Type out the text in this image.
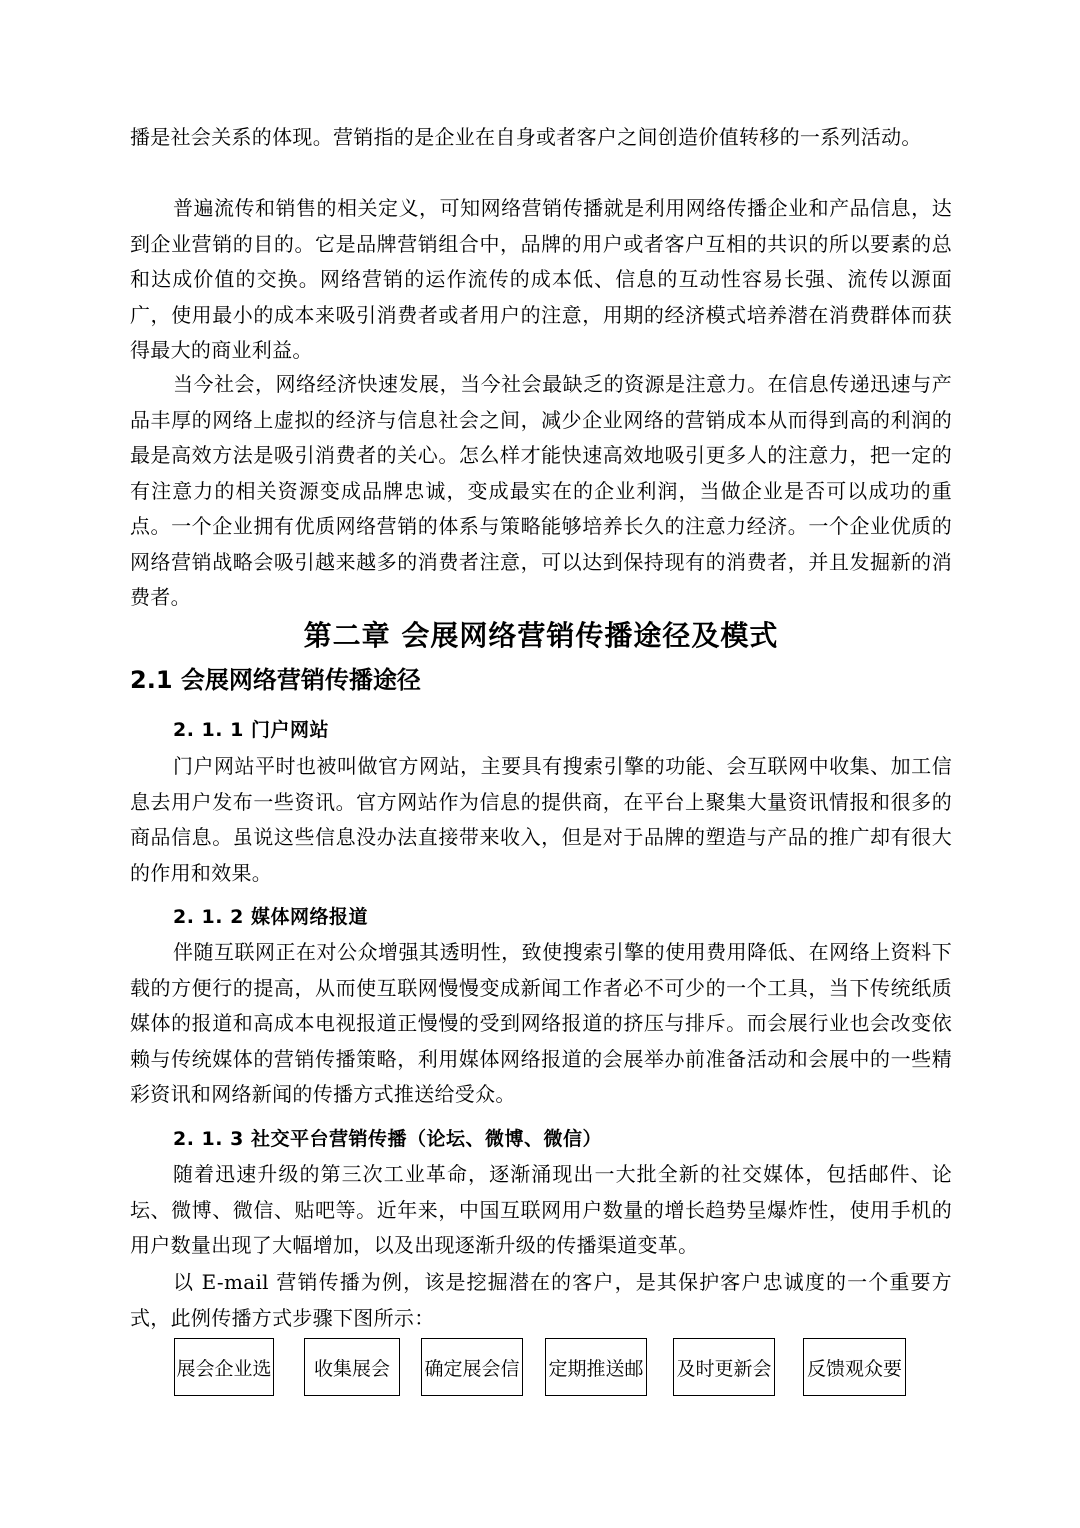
播是社会关系的体现。营销指的是企业在自身或者客户之间创造价值转移的一系列活动。

普遍流传和销售的相关定义，可知网络营销传播就是利用网络传播企业和产品信息，达到企业营销的目的。它是品牌营销组合中，品牌的用户或者客户互相的共识的所以要素的总和达成价值的交换。网络营销的运作流传的成本低、信息的互动性容易长强、流传以源面广，使用最小的成本来吸引消费者或者用户的注意，用期的经济模式培养潜在消费群体而获得最大的商业利益。

当今社会，网络经济快速发展，当今社会最缺乏的资源是注意力。在信息传递迅速与产品丰厚的网络上虚拟的经济与信息社会之间，减少企业网络的营销成本从而得到高的利润的最是高效方法是吸引消费者的关心。怎么样才能快速高效地吸引更多人的注意力，把一定的有注意力的相关资源变成品牌忠诚，变成最实在的企业利润，当做企业是否可以成功的重点。一个企业拥有优质网络营销的体系与策略能够培养长久的注意力经济。一个企业优质的网络营销战略会吸引越来越多的消费者注意，可以达到保持现有的消费者，并且发掘新的消费者。

第二章 会展网络营销传播途径及模式
2.1 会展网络营销传播途径
2. 1. 1 门户网站

门户网站平时也被叫做官方网站，主要具有搜索引擎的功能、会互联网中收集、加工信息去用户发布一些资讯。官方网站作为信息的提供商，在平台上聚集大量资讯情报和很多的商品信息。虽说这些信息没办法直接带来收入，但是对于品牌的塑造与产品的推广却有很大的作用和效果。

2. 1. 2 媒体网络报道

伴随互联网正在对公众增强其透明性，致使搜索引擎的使用费用降低、在网络上资料下载的方便行的提高，从而使互联网慢慢变成新闻工作者必不可少的一个工具，当下传统纸质媒体的报道和高成本电视报道正慢慢的受到网络报道的挤压与排斥。而会展行业也会改变依赖与传统媒体的营销传播策略，利用媒体网络报道的会展举办前准备活动和会展中的一些精彩资讯和网络新闻的传播方式推送给受众。

2. 1. 3 社交平台营销传播（论坛、微博、微信）

随着迅速升级的第三次工业革命，逐渐涌现出一大批全新的社交媒体，包括邮件、论坛、微博、微信、贴吧等。近年来，中国互联网用户数量的增长趋势呈爆炸性，使用手机的用户数量出现了大幅增加，以及出现逐渐升级的传播渠道变革。

以 E-mail 营销传播为例，该是挖掘潜在的客户，是其保护客户忠诚度的一个重要方式，此例传播方式步骤下图所示：

展会企业选	收集展会	确定展会信 定期推送邮 及时更新会 反馈观众要
